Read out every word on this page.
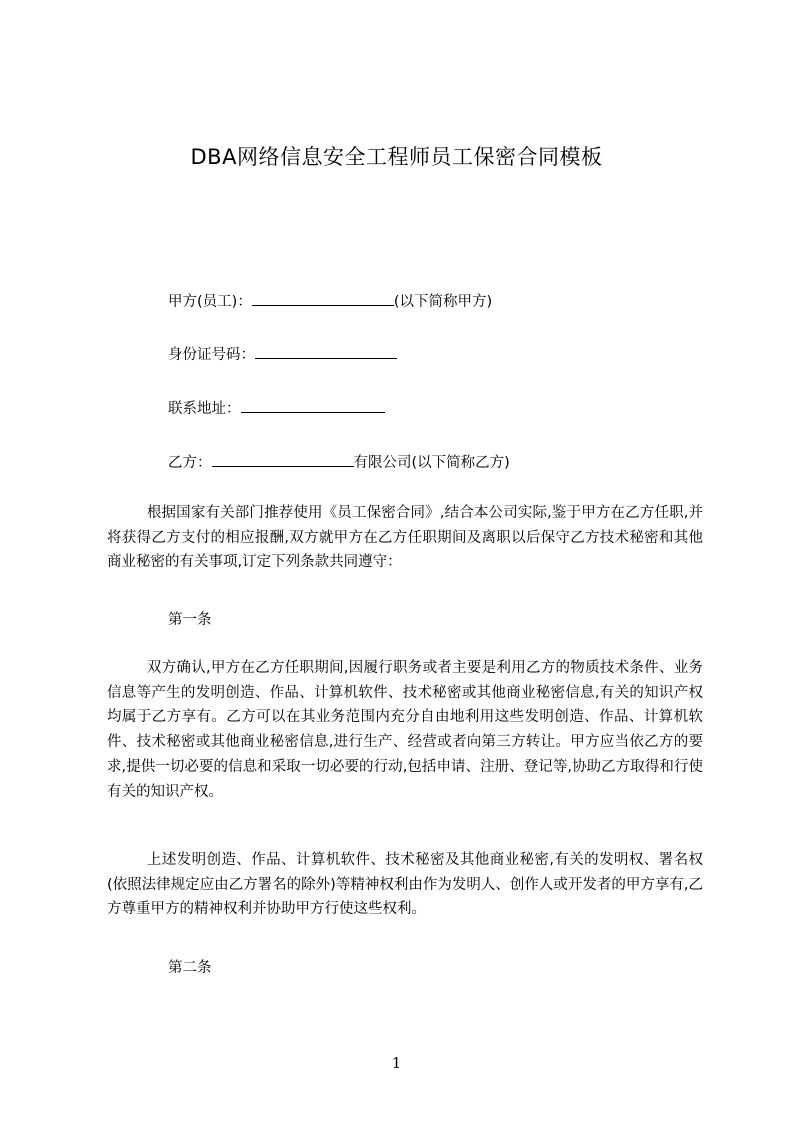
DBA网络信息安全工程师员工保密合同模板
甲方(员工)：	(以下简称甲方)
身份证号码：
联系地址：
乙方：	有限公司(以下简称乙方)

根据国家有关部门推荐使用《员工保密合同》,结合本公司实际,鉴于甲方在乙方任职,并将获得乙方支付的相应报酬,双方就甲方在乙方任职期间及离职以后保守乙方技术秘密和其他商业秘密的有关事项,订定下列条款共同遵守：

第一条

双方确认,甲方在乙方任职期间,因履行职务或者主要是利用乙方的物质技术条件、业务信息等产生的发明创造、作品、计算机软件、技术秘密或其他商业秘密信息,有关的知识产权均属于乙方享有。乙方可以在其业务范围内充分自由地利用这些发明创造、作品、计算机软件、技术秘密或其他商业秘密信息,进行生产、经营或者向第三方转让。甲方应当依乙方的要求,提供一切必要的信息和采取一切必要的行动,包括申请、注册、登记等,协助乙方取得和行使有关的知识产权。

上述发明创造、作品、计算机软件、技术秘密及其他商业秘密,有关的发明权、署名权(依照法律规定应由乙方署名的除外)等精神权利由作为发明人、创作人或开发者的甲方享有,乙方尊重甲方的精神权利并协助甲方行使这些权利。

第二条
1
